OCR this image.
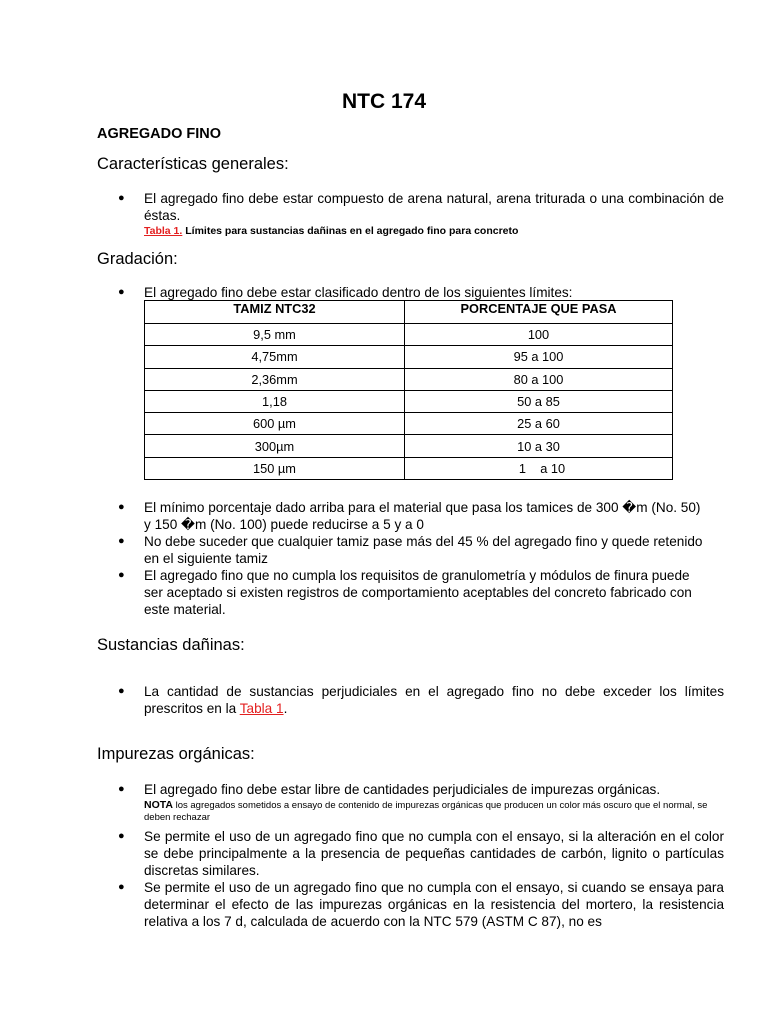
NTC 174
AGREGADO FINO
Características generales:
●	El agregado fino debe estar compuesto de arena natural, arena triturada o una combinación de éstas.
Tabla 1. Límites para sustancias dañinas en el agregado fino para concreto
Gradación:
●	El agregado fino debe estar clasificado dentro de los siguientes límites:
TAMIZ NTC32	PORCENTAJE QUE PASA
9,5 mm	100
4,75mm	95 a 100
2,36mm	80 a 100
1,18	50 a 85
600 µm	25 a 60
300µm	10 a 30
150 µm	1    a 10
●	El mínimo porcentaje dado arriba para el material que pasa los tamices de 300 �m (No. 50) y 150 �m (No. 100) puede reducirse a 5 y a 0
●	No debe suceder que cualquier tamiz pase más del 45 % del agregado fino y quede retenido en el siguiente tamiz
●	El agregado fino que no cumpla los requisitos de granulometría y módulos de finura puede ser aceptado si existen registros de comportamiento aceptables del concreto fabricado con este material.
Sustancias dañinas:
●	La cantidad de sustancias perjudiciales en el agregado fino no debe exceder los límites prescritos en la Tabla 1.
Impurezas orgánicas:
●	El agregado fino debe estar libre de cantidades perjudiciales de impurezas orgánicas.
NOTA los agregados sometidos a ensayo de contenido de impurezas orgánicas que producen un color más oscuro que el normal, se deben rechazar
●	Se permite el uso de un agregado fino que no cumpla con el ensayo, si la alteración en el color se debe principalmente a la presencia de pequeñas cantidades de carbón, lignito o partículas discretas similares.
●	Se permite el uso de un agregado fino que no cumpla con el ensayo, si cuando se ensaya para determinar el efecto de las impurezas orgánicas en la resistencia del mortero, la resistencia relativa a los 7 d, calculada de acuerdo con la NTC 579 (ASTM C 87), no es
